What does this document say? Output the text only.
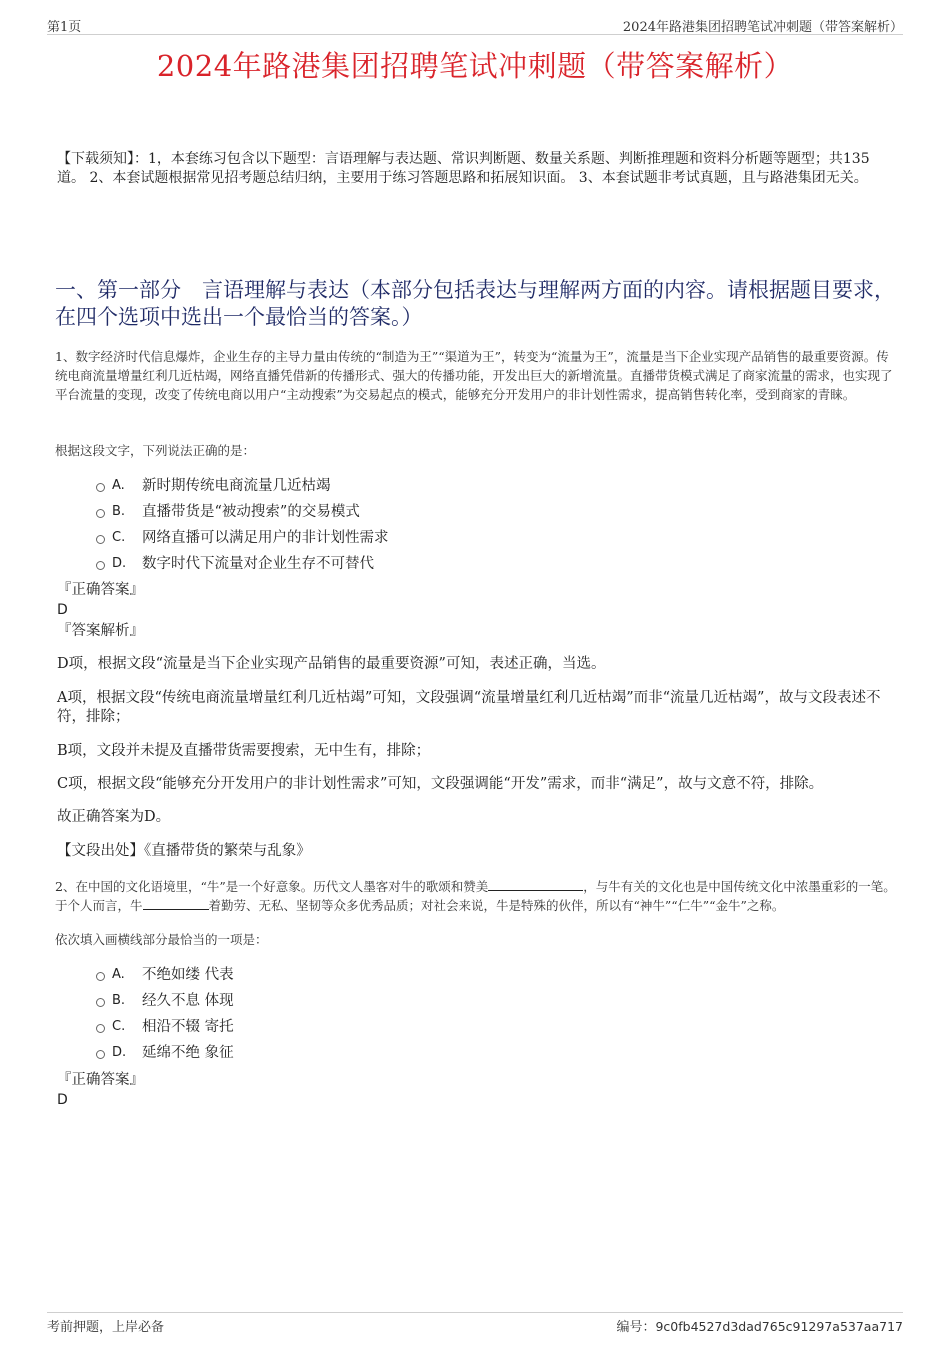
第1页	2024年路港集团招聘笔试冲刺题（带答案解析）
2024年路港集团招聘笔试冲刺题（带答案解析）
【下载须知】：1，本套练习包含以下题型：言语理解与表达题、常识判断题、数量关系题、判断推理题和资料分析题等题型；共135道。 2、本套试题根据常见招考题总结归纳，主要用于练习答题思路和拓展知识面。 3、本套试题非考试真题，且与路港集团无关。
一、第一部分　言语理解与表达（本部分包括表达与理解两方面的内容。请根据题目要求，在四个选项中选出一个最恰当的答案。）
1、数字经济时代信息爆炸，企业生存的主导力量由传统的“制造为王”“渠道为王”，转变为“流量为王”，流量是当下企业实现产品销售的最重要资源。传统电商流量增量红利几近枯竭，网络直播凭借新的传播形式、强大的传播功能，开发出巨大的新增流量。直播带货模式满足了商家流量的需求，也实现了平台流量的变现，改变了传统电商以用户“主动搜索”为交易起点的模式，能够充分开发用户的非计划性需求，提高销售转化率，受到商家的青睐。
根据这段文字，下列说法正确的是：
A.	新时期传统电商流量几近枯竭
B.	直播带货是“被动搜索”的交易模式
C.	网络直播可以满足用户的非计划性需求
D.	数字时代下流量对企业生存不可替代
『正确答案』
D
『答案解析』
D项，根据文段“流量是当下企业实现产品销售的最重要资源”可知，表述正确，当选。
A项，根据文段“传统电商流量增量红利几近枯竭”可知，文段强调“流量增量红利几近枯竭”而非“流量几近枯竭”，故与文段表述不符，排除；
B项，文段并未提及直播带货需要搜索，无中生有，排除；
C项，根据文段“能够充分开发用户的非计划性需求”可知，文段强调能“开发”需求，而非“满足”，故与文意不符，排除。
故正确答案为D。
【文段出处】《直播带货的繁荣与乱象》
2、在中国的文化语境里，“牛”是一个好意象。历代文人墨客对牛的歌颂和赞美	，与牛有关的文化也是中国传统文化中浓墨重彩的一笔。于个人而言，牛	着勤劳、无私、坚韧等众多优秀品质；对社会来说，牛是特殊的伙伴，所以有“神牛”“仁牛”“金牛”之称。
依次填入画横线部分最恰当的一项是：
A.	不绝如缕 代表
B.	经久不息 体现
C.	相沿不辍 寄托
D.	延绵不绝 象征
『正确答案』
D
考前押题，上岸必备	编号：9c0fb4527d3dad765c91297a537aa717
